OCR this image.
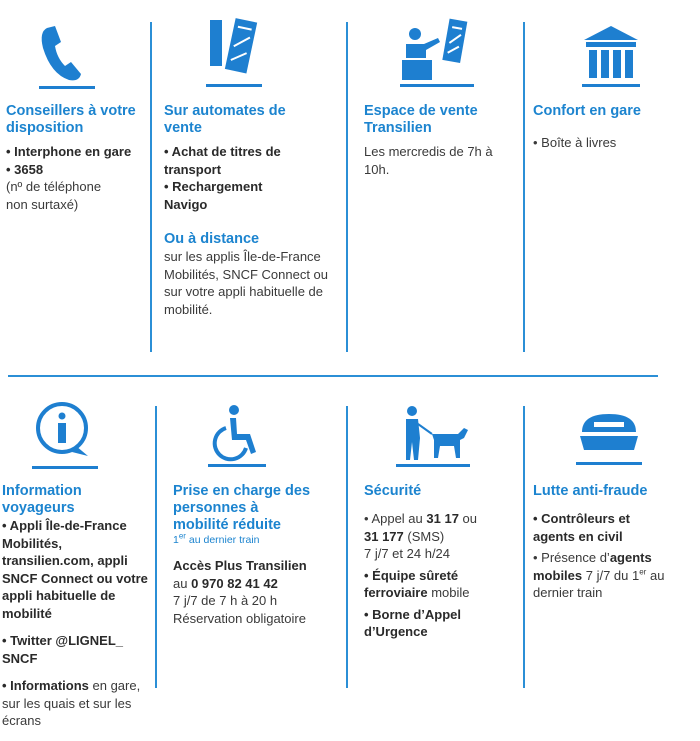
Conseillers à votre disposition

• Interphone en gare

• 3658

(nº de téléphone non surtaxé)

Sur automates de vente

• Achat de titres de transport

• Rechargement Navigo

Ou à distance

sur les applis Île-de-France Mobilités, SNCF Connect ou sur votre appli habituelle de mobilité.

Espace de vente Transilien

Les mercredis de 7h à 10h.

Confort en gare

• Boîte à livres

Information voyageurs

• Appli Île-de-France Mobilités, transilien.com, appli SNCF Connect ou votre appli habituelle de mobilité

• Twitter @LIGNEL_ SNCF

• Informations en gare, sur les quais et sur les écrans

Prise en charge des personnes à mobilité réduite
1er au dernier train

Accès Plus Transilien

au 0 970 82 41 42

7 j/7 de 7 h à 20 h

Réservation obligatoire

Sécurité

• Appel au 31 17 ou

31 177 (SMS)

7 j/7 et 24 h/24

• Équipe sûreté ferroviaire mobile

• Borne d’Appel d’Urgence

Lutte anti-fraude

• Contrôleurs et agents en civil

• Présence d’agents mobiles 7 j/7 du 1er au dernier train
